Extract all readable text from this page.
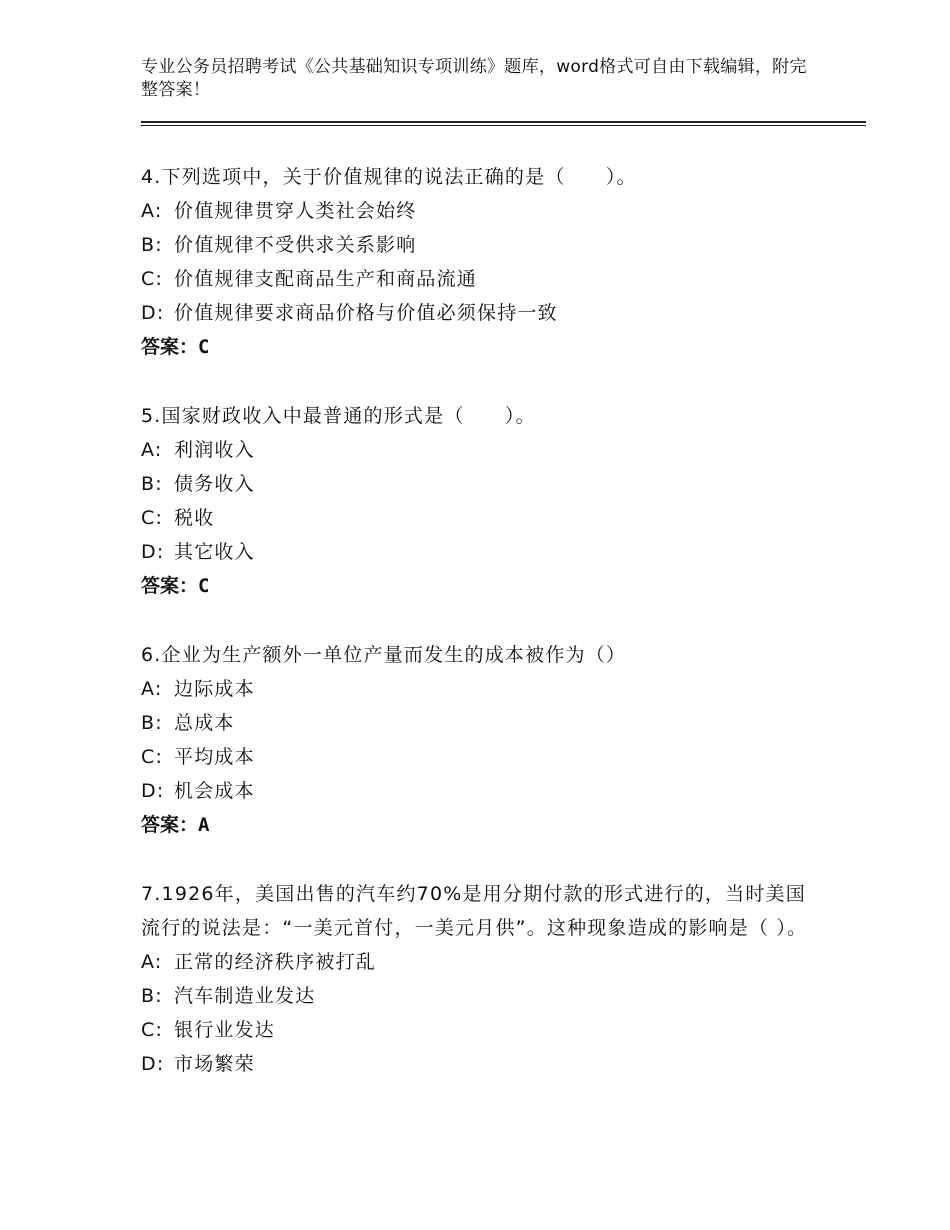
专业公务员招聘考试《公共基础知识专项训练》题库，word格式可自由下载编辑，附完整答案！

4.下列选项中，关于价值规律的说法正确的是（　　）。

A: 价值规律贯穿人类社会始终
B: 价值规律不受供求关系影响
C: 价值规律支配商品生产和商品流通
D: 价值规律要求商品价格与价值必须保持一致
答案：C

5.国家财政收入中最普通的形式是（　　）。

A: 利润收入
B: 债务收入
C: 税收
D: 其它收入
答案：C

6.企业为生产额外一单位产量而发生的成本被作为（）

A: 边际成本
B: 总成本
C: 平均成本
D: 机会成本
答案：A

7.1926年，美国出售的汽车约70%是用分期付款的形式进行的，当时美国流行的说法是：“一美元首付，一美元月供”。这种现象造成的影响是（ ）。

A: 正常的经济秩序被打乱
B: 汽车制造业发达
C: 银行业发达
D: 市场繁荣
